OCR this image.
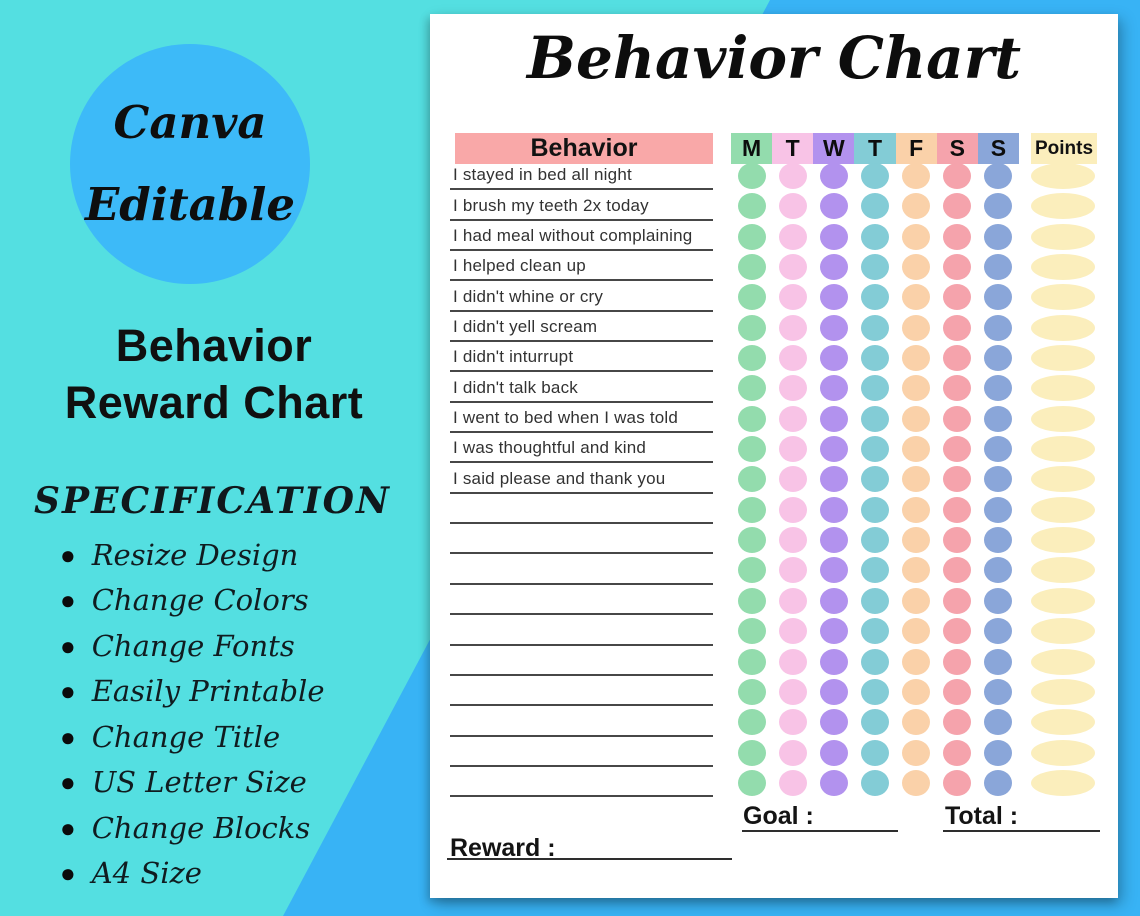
Canva
Editable
Behavior
Reward Chart
SPECIFICATION
● Resize Design
● Change Colors
● Change Fonts
● Easily Printable
● Change Title
● US Letter Size
● Change Blocks
● A4 Size
Behavior Chart
Behavior	M	T	W	T	F	S	S	Points
I stayed in bed all night
I brush my teeth 2x today
I had meal without complaining
I helped clean up
I didn't whine or cry
I didn't yell scream
I didn't inturrupt
I didn't talk back
I went to bed when I was told
I was thoughtful and kind
I said please and thank you
Goal :	Total :
Reward :
